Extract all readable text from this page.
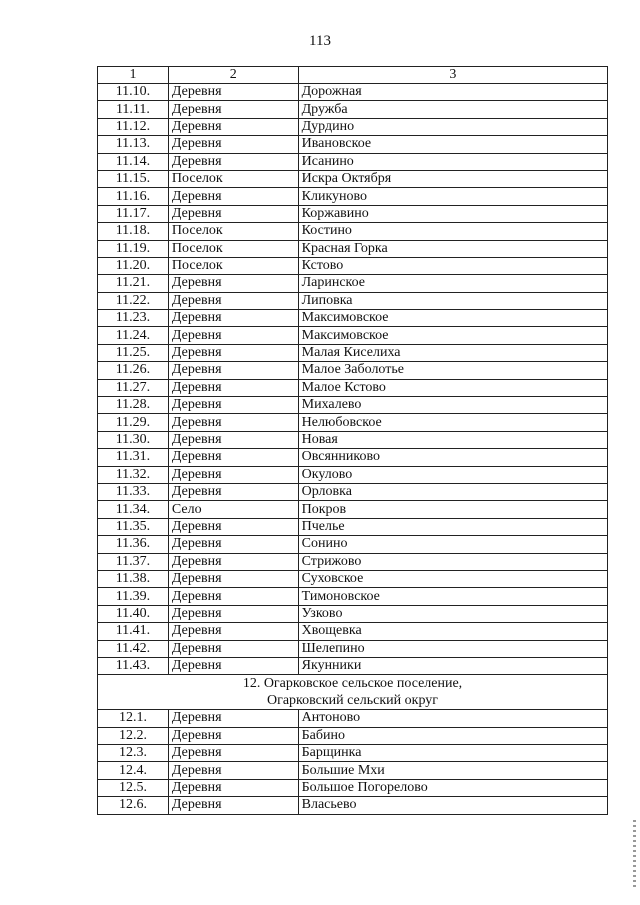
113
1	2	3
11.10.	Деревня	Дорожная
11.11.	Деревня	Дружба
11.12.	Деревня	Дурдино
11.13.	Деревня	Ивановское
11.14.	Деревня	Исанино
11.15.	Поселок	Искра Октября
11.16.	Деревня	Кликуново
11.17.	Деревня	Коржавино
11.18.	Поселок	Костино
11.19.	Поселок	Красная Горка
11.20.	Поселок	Кстово
11.21.	Деревня	Ларинское
11.22.	Деревня	Липовка
11.23.	Деревня	Максимовское
11.24.	Деревня	Максимовское
11.25.	Деревня	Малая Киселиха
11.26.	Деревня	Малое Заболотье
11.27.	Деревня	Малое Кстово
11.28.	Деревня	Михалево
11.29.	Деревня	Нелюбовское
11.30.	Деревня	Новая
11.31.	Деревня	Овсянниково
11.32.	Деревня	Окулово
11.33.	Деревня	Орловка
11.34.	Село	Покров
11.35.	Деревня	Пчелье
11.36.	Деревня	Сонино
11.37.	Деревня	Стрижово
11.38.	Деревня	Суховское
11.39.	Деревня	Тимоновское
11.40.	Деревня	Узково
11.41.	Деревня	Хвощевка
11.42.	Деревня	Шелепино
11.43.	Деревня	Якунники
12. Огарковское сельское поселение,
Огарковский сельский округ		
12.1.	Деревня	Антоново
12.2.	Деревня	Бабино
12.3.	Деревня	Барщинка
12.4.	Деревня	Большие Мхи
12.5.	Деревня	Большое Погорелово
12.6.	Деревня	Власьево
